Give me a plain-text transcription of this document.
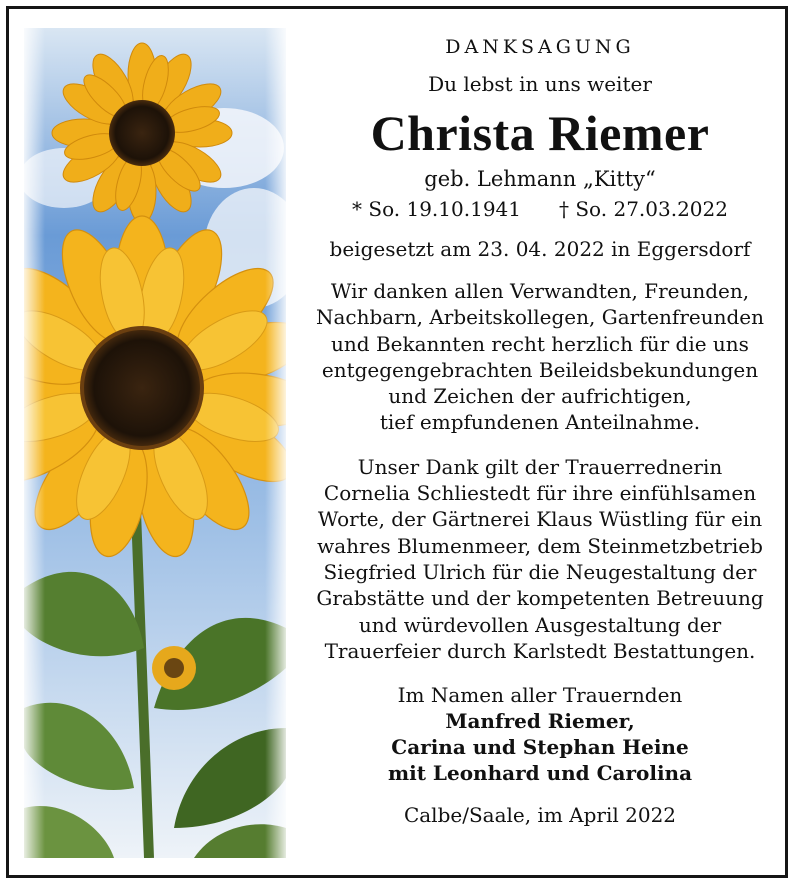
DANKSAGUNG
Du lebst in uns weiter
Christa Riemer
geb. Lehmann „Kitty“
* So. 19.10.1941 † So. 27.03.2022
beigesetzt am 23. 04. 2022 in Eggersdorf
Wir danken allen Verwandten, Freunden,
Nachbarn, Arbeitskollegen, Gartenfreunden
und Bekannten recht herzlich für die uns
entgegengebrachten Beileidsbekundungen
und Zeichen der aufrichtigen,
tief empfundenen Anteilnahme.
Unser Dank gilt der Trauerrednerin
Cornelia Schliestedt für ihre einfühlsamen
Worte, der Gärtnerei Klaus Wüstling für ein
wahres Blumenmeer, dem Steinmetzbetrieb
Siegfried Ulrich für die Neugestaltung der
Grabstätte und der kompetenten Betreuung
und würdevollen Ausgestaltung der
Trauerfeier durch Karlstedt Bestattungen.
Im Namen aller Trauernden
Manfred Riemer,
Carina und Stephan Heine
mit Leonhard und Carolina
Calbe/Saale, im April 2022
